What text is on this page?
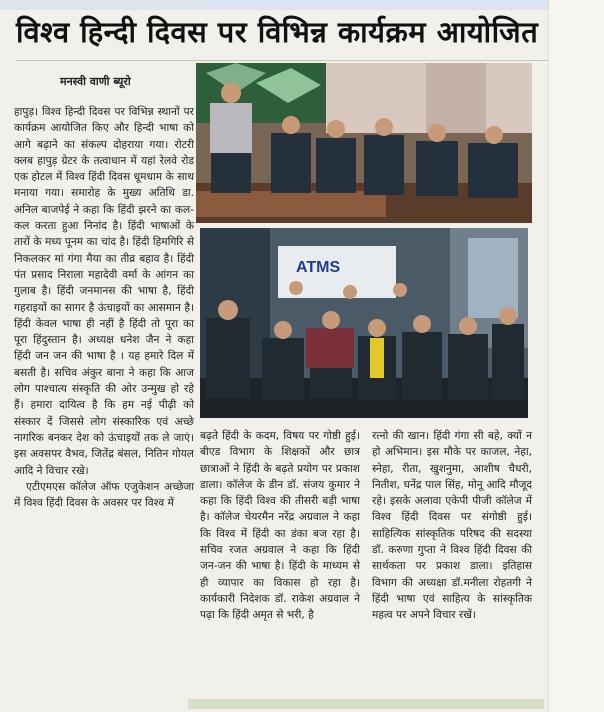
विश्व हिन्दी दिवस पर विभिन्न कार्यक्रम आयोजित
मनस्वी वाणी ब्यूरो

हापुड़। विश्व हिन्दी दिवस पर विभिन्न स्थानों पर कार्यक्रम आयोजित किए और हिन्दी भाषा को आगे बढ़ाने का संकल्प दोहराया गया। रोटरी क्लब हापुड़ ग्रेटर के तत्वाधान में यहां रेलवे रोड एक होटल में विश्व हिंदी दिवस धूमधाम के साथ मनाया गया। समारोह के मुख्य अतिथि डा. अनिल बाजपेई ने कहा कि हिंदी झरने का कल-कल करता हुआ निनांद है। हिंदी भाषाओं के तारों के मध्य पूनम का चांद है। हिंदी हिमगिरि से निकलकर मां गंगा मैया का तीव्र बहाव है। हिंदी पंत प्रसाद निराला महादेवी वर्मा के आंगन का गुलाब है। हिंदी जनमानस की भाषा है, हिंदी गहराइयों का सागर है ऊंचाइयों का आसमान है।हिंदी केवल भाषा ही नहीं है हिंदी तो पूरा का पूरा हिंदुस्तान है। अध्यक्ष धनेश जैन ने कहा हिंदी जन जन की भाषा है । यह हमारे दिल में बसती है। सचिव अंकुर बाना ने कहा कि आज लोग पाश्चात्य संस्कृति की ओर उन्मुख हो रहे हैं। हमारा दायित्व है कि हम नई पीढ़ी को संस्कार दें जिससे लोग संस्कारिक एवं अच्छे नागरिक बनकर देश को ऊंचाइयों तक ले जाएं। इस अवसपर वैभव, जितेंद्र बंसल, नितिन गोयल आदि ने विचार रखे।

एटीएमएस कॉलेज ऑफ एजुकेशन अच्छेजा में विश्व हिंदी दिवस के अवसर पर विश्व में

ATMS

बढ़ते हिंदी के कदम, विषय पर गोष्ठी हुई। बीएड विभाग के शिक्षकों और छात्र छात्राओं ने हिंदी के बढ़ते प्रयोग पर प्रकाश डाला। कॉलेज के डीन डॉ. संजय कुमार ने कहा कि हिंदी विश्व की तीसरी बड़ी भाषा है। कॉलेज चेयरमैन नरेंद्र अग्रवाल ने कहा कि विश्व में हिंदी का डंका बज रहा है। सचिव रजत अग्रवाल ने कहा कि हिंदी जन-जन की भाषा है। हिंदी के माध्यम से ही व्यापार का विकास हो रहा है। कार्यकारी निदेशक डॉ. राकेश अग्रवाल ने पढ़ा कि हिंदी अमृत से भरी, है

रत्नो की खान। हिंदी गंगा सी बहे, क्यों न हो अभिमान। इस मौके पर काजल, नेहा, स्नेहा, रीता, खुशनुमा, आशीष चैधरी, नितीश, घनेंद्र पाल सिंह, मोनू आदि मौजूद रहे। इसके अलावा एकेपी पीजी कॉलेज में विश्व हिंदी दिवस पर संगोष्ठी हुई। साहित्यिक सांस्कृतिक परिषद की सदस्या डॉ. करुणा गुप्ता ने विश्व हिंदी दिवस की सार्थकता पर प्रकाश डाला। इतिहास विभाग की अध्यक्षा डॉ.मनीला रोहतगी ने हिंदी भाषा एवं साहित्य के सांस्कृतिक महत्व पर अपने विचार रखें।
